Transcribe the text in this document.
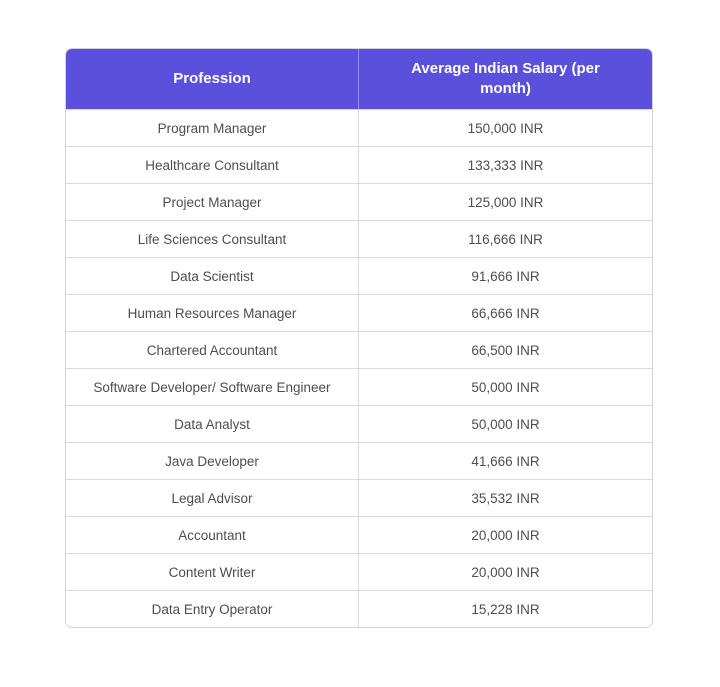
Profession	Average Indian Salary (per month)
Program Manager	150,000 INR
Healthcare Consultant	133,333 INR
Project Manager	125,000 INR
Life Sciences Consultant	116,666 INR
Data Scientist	91,666 INR
Human Resources Manager	66,666 INR
Chartered Accountant	66,500 INR
Software Developer/ Software Engineer	50,000 INR
Data Analyst	50,000 INR
Java Developer	41,666 INR
Legal Advisor	35,532 INR
Accountant	20,000 INR
Content Writer	20,000 INR
Data Entry Operator	15,228 INR
